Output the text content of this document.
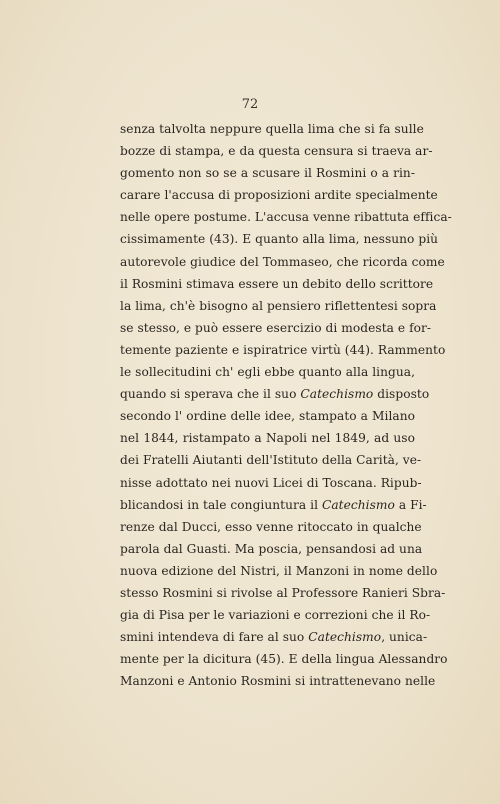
72
senza talvolta neppure quella lima che si fa sulle
bozze di stampa, e da questa censura si traeva ar-
gomento non so se a scusare il Rosmini o a rin-
carare l'accusa di proposizioni ardite specialmente
nelle opere postume. L'accusa venne ribattuta effica-
cissimamente (43). E quanto alla lima, nessuno più
autorevole giudice del Tommaseo, che ricorda come
il Rosmini stimava essere un debito dello scrittore
la lima, ch'è bisogno al pensiero riflettentesi sopra
se stesso, e può essere esercizio di modesta e for-
temente paziente e ispiratrice virtù (44). Rammento
le sollecitudini ch' egli ebbe quanto alla lingua,
quando si sperava che il suo Catechismo disposto
secondo l' ordine delle idee, stampato a Milano
nel 1844, ristampato a Napoli nel 1849, ad uso
dei Fratelli Aiutanti dell'Istituto della Carità, ve-
nisse adottato nei nuovi Licei di Toscana. Ripub-
blicandosi in tale congiuntura il Catechismo a Fi-
renze dal Ducci, esso venne ritoccato in qualche
parola dal Guasti. Ma poscia, pensandosi ad una
nuova edizione del Nistri, il Manzoni in nome dello
stesso Rosmini si rivolse al Professore Ranieri Sbra-
gia di Pisa per le variazioni e correzioni che il Ro-
smini intendeva di fare al suo Catechismo, unica-
mente per la dicitura (45). E della lingua Alessandro
Manzoni e Antonio Rosmini si intrattenevano nelle
